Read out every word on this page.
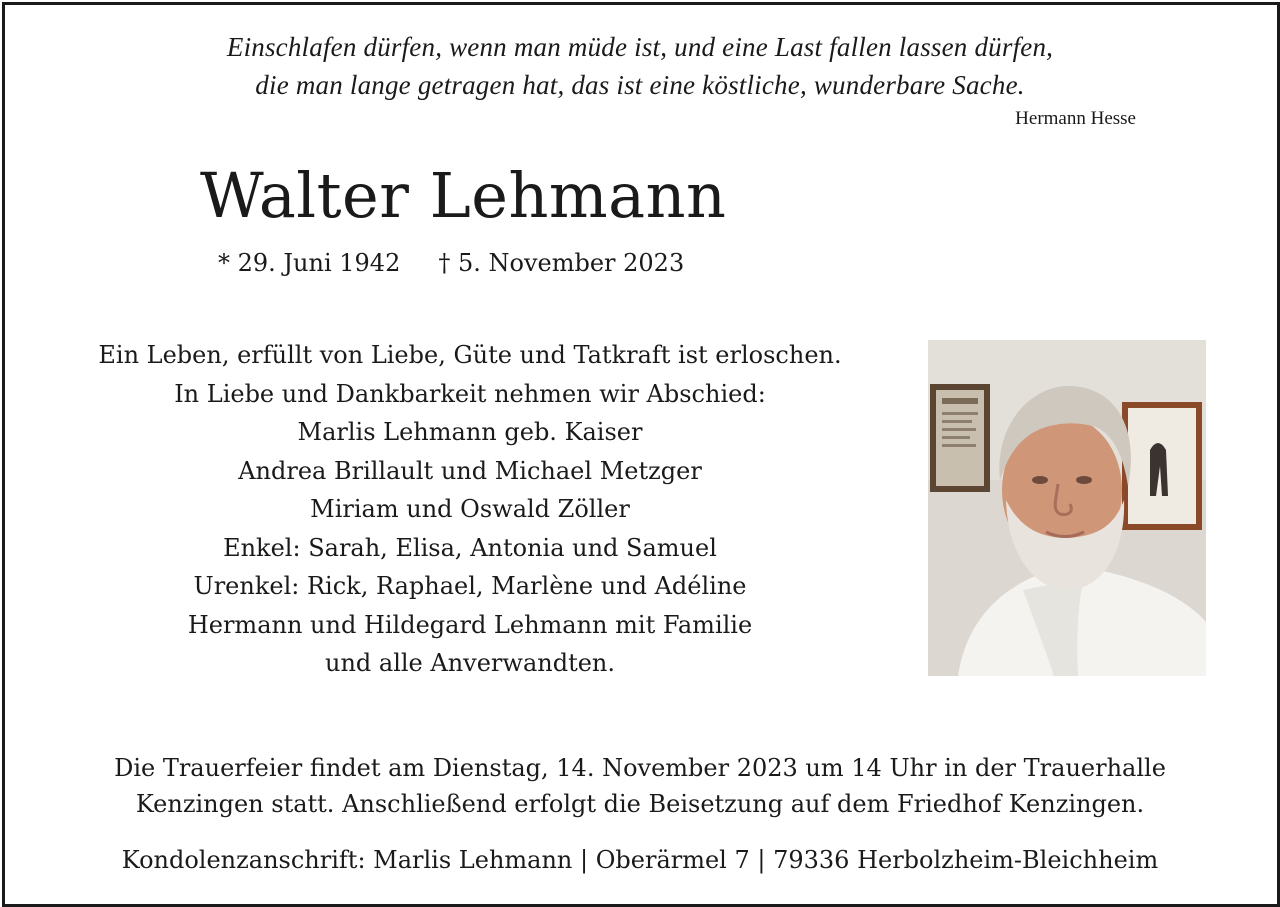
Einschlafen dürfen, wenn man müde ist, und eine Last fallen lassen dürfen,
die man lange getragen hat, das ist eine köstliche, wunderbare Sache.
Hermann Hesse
Walter Lehmann
* 29. Juni 1942 † 5. November 2023
Ein Leben, erfüllt von Liebe, Güte und Tatkraft ist erloschen.
In Liebe und Dankbarkeit nehmen wir Abschied:
Marlis Lehmann geb. Kaiser
Andrea Brillault und Michael Metzger
Miriam und Oswald Zöller
Enkel: Sarah, Elisa, Antonia und Samuel
Urenkel: Rick, Raphael, Marlène und Adéline
Hermann und Hildegard Lehmann mit Familie
und alle Anverwandten.
Die Trauerfeier findet am Dienstag, 14. November 2023 um 14 Uhr in der Trauerhalle
Kenzingen statt. Anschließend erfolgt die Beisetzung auf dem Friedhof Kenzingen.
Kondolenzanschrift: Marlis Lehmann | Oberärmel 7 | 79336 Herbolzheim-Bleichheim
